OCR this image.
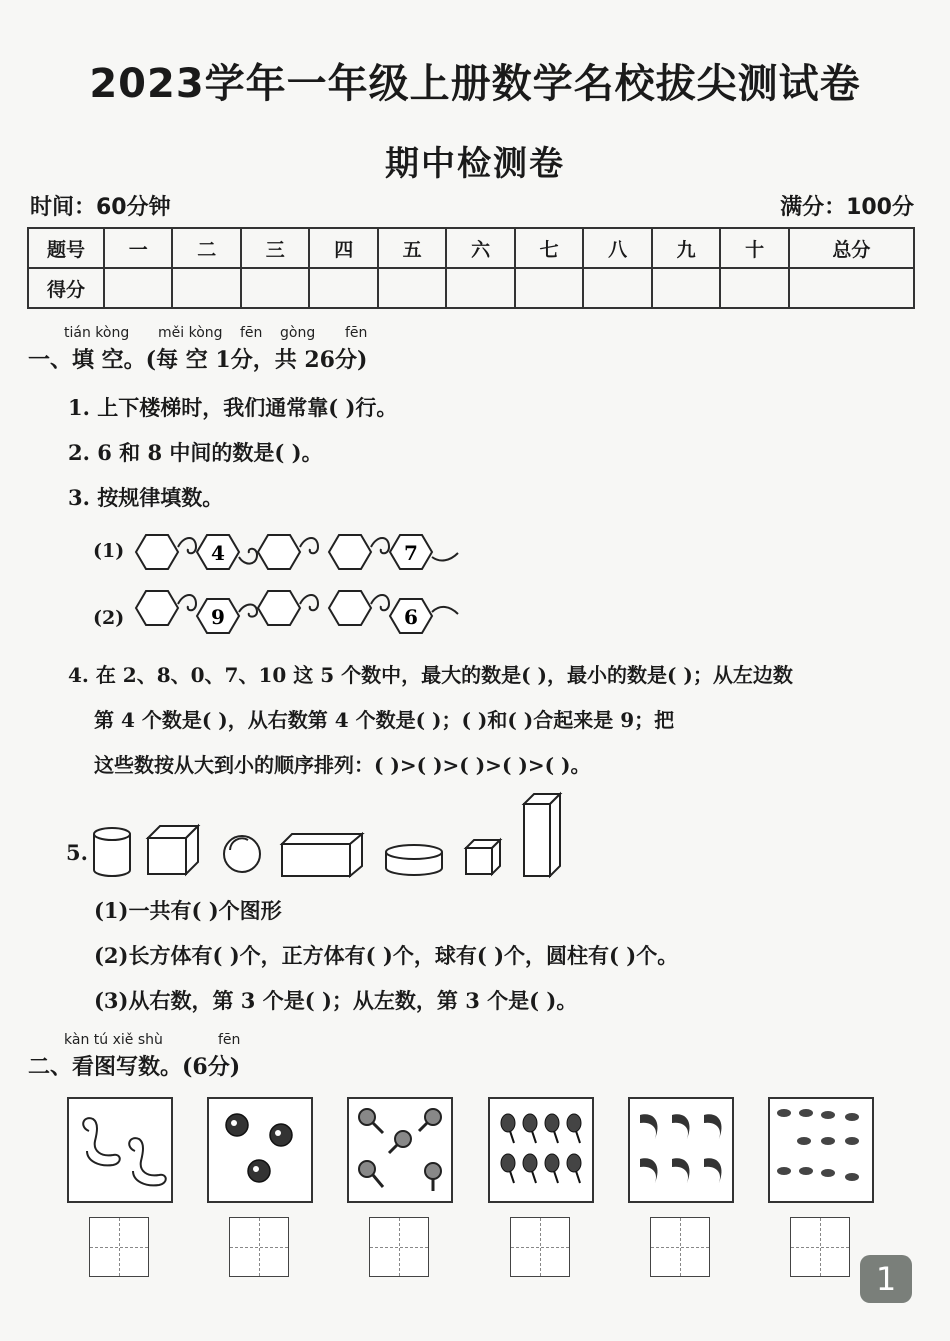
2023学年一年级上册数学名校拔尖测试卷
期中检测卷
时间：60分钟	满分：100分
题号	一	二	三	四	五	六	七	八	九	十	总分
得分											
tián kòng měi kòng fēn gòng fēn
一、填 空。(每 空 1分，共 26分)
1. 上下楼梯时，我们通常靠( )行。
2. 6 和 8 中间的数是( )。
3. 按规律填数。
(1)	4	7
(2)	9	6
4. 在 2、8、0、7、10 这 5 个数中，最大的数是( )，最小的数是( )；从左边数
第 4 个数是( )，从右数第 4 个数是( )；( )和( )合起来是 9；把
这些数按从大到小的顺序排列：( )>( )>( )>( )>( )。
5.
(1)一共有( )个图形
(2)长方体有( )个，正方体有( )个，球有( )个，圆柱有( )个。
(3)从右数，第 3 个是( )；从左数，第 3 个是( )。
kàn tú xiě shù	fēn
二、看图写数。(6分)
1
